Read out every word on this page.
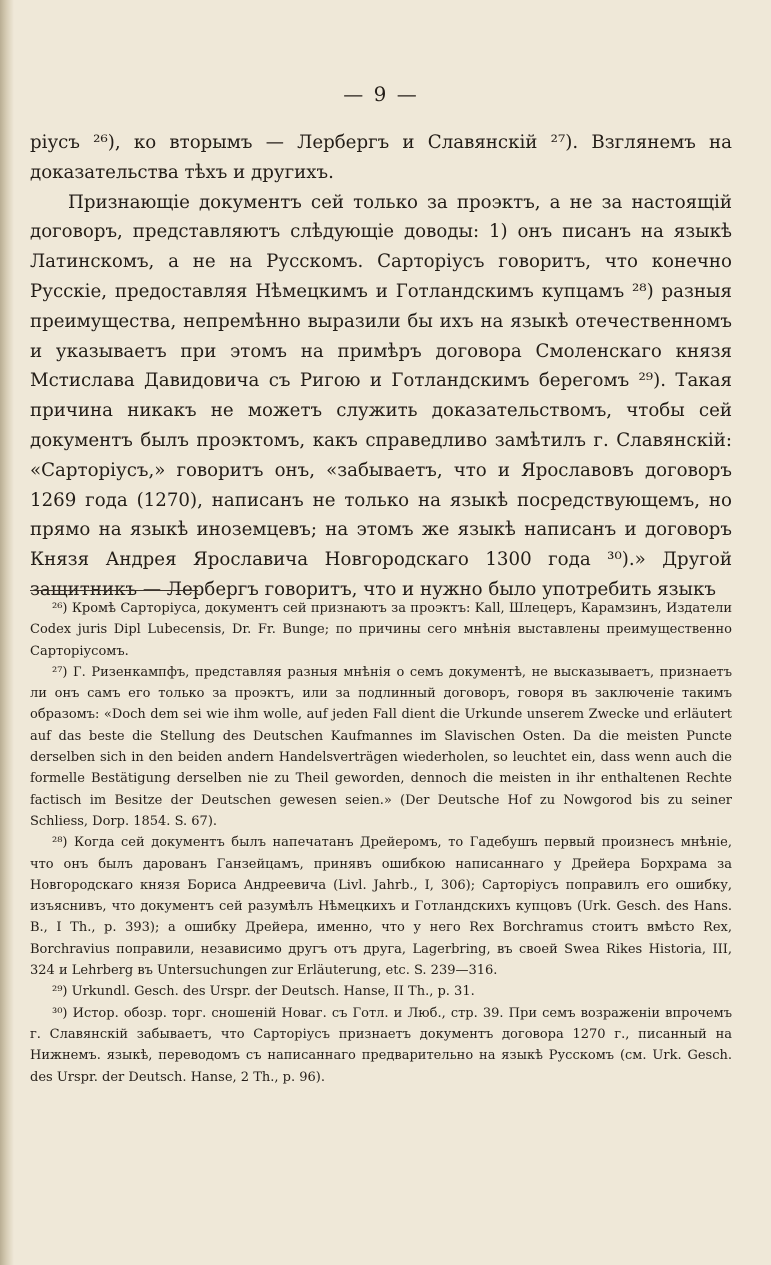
— 9 —

ріусъ ²⁶), ко вторымъ — Лербергъ и Славянскій ²⁷). Взглянемъ на доказательства тѣхъ и другихъ.

Признающіе документъ сей только за проэктъ, а не за настоящій договоръ, представляютъ слѣдующіе доводы: 1) онъ писанъ на языкѣ Латинскомъ, а не на Русскомъ. Сарторіусъ говоритъ, что конечно Русскіе, предоставляя Нѣмецкимъ и Готландскимъ купцамъ ²⁸) разныя преимущества, непремѣнно выразили бы ихъ на языкѣ отечественномъ и указываетъ при этомъ на примѣръ договора Смоленскаго князя Мстислава Давидовича съ Ригою и Готландскимъ берегомъ ²⁹). Такая причина никакъ не можетъ служить доказательствомъ, чтобы сей документъ былъ проэктомъ, какъ справедливо замѣтилъ г. Славянскій: «Сарторіусъ,» говоритъ онъ, «забываетъ, что и Ярославовъ договоръ 1269 года (1270), написанъ не только на языкѣ посредствующемъ, но прямо на языкѣ иноземцевъ; на этомъ же языкѣ написанъ и договоръ Князя Андрея Ярославича Новгородскаго 1300 года ³⁰).» Другой защитникъ — Лербергъ говоритъ, что и нужно было употребить языкъ

²⁶) Кромѣ Сарторіуса, документъ сей признаютъ за проэктъ: Kall, Шлецеръ, Карамзинъ, Издатели Codex juris Dipl Lubecensis, Dr. Fr. Bunge; по причины сего мнѣнія выставлены преимущественно Сарторіусомъ.

²⁷) Г. Ризенкампфъ, представляя разныя мнѣнія о семъ документѣ, не высказываетъ, признаетъ ли онъ самъ его только за проэктъ, или за подлинный договоръ, говоря въ заключеніе такимъ образомъ: «Doch dem sei wie ihm wolle, auf jeden Fall dient die Urkunde unserem Zwecke und erläutert auf das beste die Stellung des Deutschen Kaufmannes im Slavischen Osten. Da die meisten Puncte derselben sich in den beiden andern Handelsverträgen wiederholen, so leuchtet ein, dass wenn auch die formelle Bestätigung derselben nie zu Theil geworden, dennoch die meisten in ihr enthaltenen Rechte factisch im Besitze der Deutschen gewesen seien.» (Der Deutsche Hof zu Nowgorod bis zu seiner Schliess, Dorp. 1854. S. 67).

²⁸) Когда сей документъ былъ напечатанъ Дрейеромъ, то Гадебушъ первый произнесъ мнѣніе, что онъ былъ дарованъ Ганзейцамъ, принявъ ошибкою написаннаго у Дрейера Борхрама за Новгородскаго князя Бориса Андреевича (Livl. Jahrb., I, 306); Сарторіусъ поправилъ его ошибку, изъяснивъ, что документъ сей разумѣлъ Нѣмецкихъ и Готландскихъ купцовъ (Urk. Gesch. des Hans. B., I Th., p. 393); а ошибку Дрейера, именно, что у него Rex Borchramus стоитъ вмѣсто Rex, Borchravius поправили, независимо другъ отъ друга, Lagerbring, въ своей Swea Rikes Historia, III, 324 и Lehrberg въ Untersuchungen zur Erläuterung, etc. S. 239—316.

²⁹) Urkundl. Gesch. des Urspr. der Deutsch. Hanse, II Th., p. 31.

³⁰) Истор. обозр. торг. сношеній Новаг. съ Готл. и Люб., стр. 39. При семъ возраженіи впрочемъ г. Славянскій забываетъ, что Сарторіусъ признаетъ документъ договора 1270 г., писанный на Нижнемъ. языкѣ, переводомъ съ написаннаго предварительно на языкѣ Русскомъ (см. Urk. Gesch. des Urspr. der Deutsch. Hanse, 2 Th., p. 96).
